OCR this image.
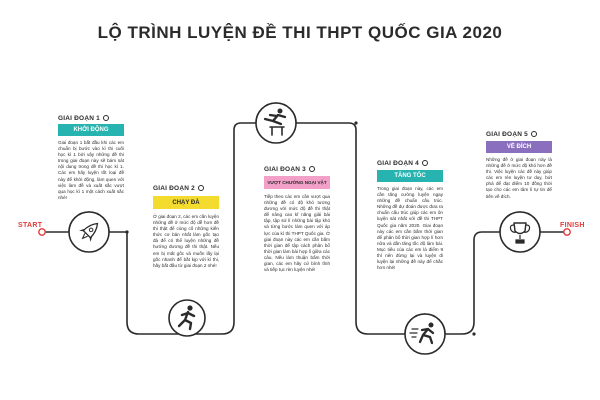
LỘ TRÌNH LUYỆN ĐỀ THI THPT QUỐC GIA 2020
START	FINISH
GIAI ĐOẠN 1
KHỞI ĐỘNG
Giai đoạn 1 bắt đầu khi các em chuẩn bị bước vào kì thi cuối học kì 1 bởi vậy những đề thi trong giai đoạn này sẽ bám sát nội dung trong đề thi học kì 1. Các em hãy luyện tốt loại đề này để khởi động, làm quen với việc làm đề và xuất sắc vượt qua học kì 1 một cách xuất sắc nhé!
GIAI ĐOẠN 2
CHẠY ĐÀ
Ở giai đoạn 2, các em cần luyện những đề ở mức độ dễ hơn đề thi thật để củng cố những kiến thức cơ bản nhất làm gốc tạo đà để có thể luyện những đề hướng đương đề thi thật. Nếu em bị mất gốc và muốn lấy lại gốc nhanh để bắt kịp với kì thi, hãy bắt đầu từ giai đoạn 2 nhé!
GIAI ĐOẠN 3
VƯỢT CHƯỚNG NGẠI VẬT
Tiếp theo các em cần vượt qua những đề có độ khó tương đương với mức độ đề thi thật để nâng cao kĩ năng giải bài tập, tập sử lí những bài tập khó và từng bước làm quen với áp lực của kì thi THPT Quốc gia. Ở giai đoạn này các em cần bấm thời gian để tập cách phân bổ thời gian làm bài hợp lí giữa các câu. Nếu làm thuận bấm thời gian, các em hãy cứ bình tĩnh và tiếp tục rèn luyện nhé!
GIAI ĐOẠN 4
TĂNG TỐC
Trong giai đoạn này, các em cần tăng cường luyện ngay những đề chuẩn cấu trúc. Những đề dự đoán được đưa ra chuẩn cấu trúc giúp các em ôn luyện sát nhất với đề thi THPT Quốc gia năm 2020. Giai đoạn này các em cần bấm thời gian để phân bổ thời gian hợp lí hơn nữa và dần tăng tốc độ làm bài. Mục tiêu của các em là điểm 9 thì nên đừng lại và luyện đi luyện lại những đề này để chắc hơn nhé!
GIAI ĐOẠN 5
VỀ ĐÍCH
Những đề ở giai đoạn này là những đề ở mức độ khó hơn đề thi. Việc luyện các đề này giúp các em rèn luyện tư duy, bứt phá để đạt điểm 10 đồng thời tạo cho các em tâm lí tự tin để tiến về đích.
